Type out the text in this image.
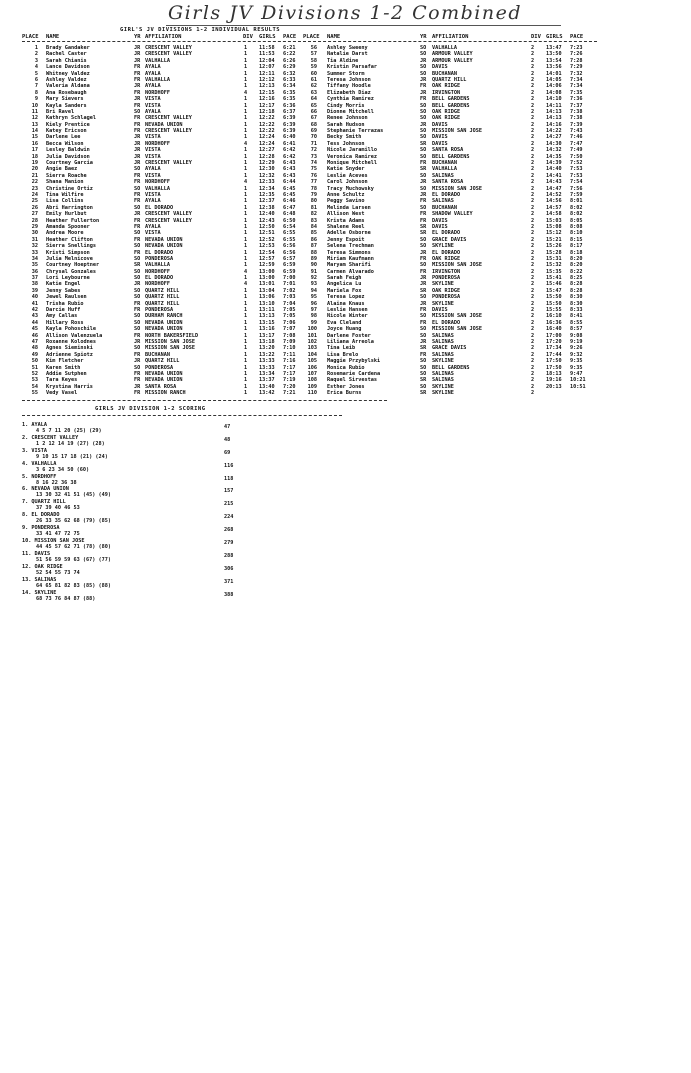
Girls JV Divisions 1-2 Combined
GIRL'S JV DIVISIONS 1-2 INDIVIDUAL RESULTS
PLACE NAME	YR AFFILIATION	DIV GIRLS PACE PLACE NAME	YR AFFILIATION	DIV GIRLS PACE
1 Brady Gandaker	JR CRESCENT VALLEY	1 11:58 6:21
2 Rachel Caster	JR CRESCENT VALLEY	1 11:53 6:22
3 Sarah Chianis	JR VALHALLA	1 12:04 6:26
4 Lance Davidson	FR AYALA	1 12:07 6:29
5 Whitney Valdez	FR AYALA	1 12:11 6:32
6 Ashley Valdez	FR VALHALLA	1 12:12 6:33
7 Valeria Aldana	JR AYALA	1 12:13 6:34
8 Ana Rosebaugh	FR NORDHOFF	4 12:15 6:35
9 Mary Sievers	JR VISTA	1 12:16 6:35
10 Kayla Sanders	FR VISTA	1 12:17 6:36
11 Bri Ravel	SO AYALA	1 12:18 6:37
12 Kathryn Schlagel	FR CRESCENT VALLEY	1 12:22 6:39
13 Kiely Prentice	FR NEVADA UNION	1 12:22 6:39
14 Katey Ericson	FR CRESCENT VALLEY	1 12:22 6:39
15 Darlene Lee	JR VISTA	1 12:24 6:40
16 Becca Wilson	JR NORDHOFF	4 12:24 6:41
17 Lesley Baldwin	JR VISTA	1 12:27 6:42
18 Julia Davidson	JR VISTA	1 12:28 6:42
19 Courtney Garcia	JR CRESCENT VALLEY	1 12:29 6:43
20 Angie Baez	SO AYALA	1 12:30 6:43
21 Sierra Roache	FR VISTA	1 12:32 6:43
22 Shana Manion	FR NORDHOFF	4 12:33 6:44
23 Christine Ortiz	SO VALHALLA	1 12:34 6:45
24 Tina Wilfire	FR VISTA	1 12:35 6:45
25 Lisa Collins	FR AYALA	1 12:37 6:46
26 Abri Harrington	SO EL DORADO	1 12:38 6:47
27 Emily Hurlbut	JR CRESCENT VALLEY	1 12:40 6:48
28 Heather Fullerton	FR CRESCENT VALLEY	1 12:43 6:50
29 Amanda Spooner	FR AYALA	1 12:50 6:54
30 Andrea Moore	SO VISTA	1 12:51 6:55
31 Heather Clifton	FR NEVADA UNION	1 12:52 6:55
32 Sierra Snellings	SO NEVADA UNION	1 12:53 6:56
33 Kristi Simpson	FR EL DORADO	1 12:54 6:56
34 Julia Melnicove	SO PONDEROSA	1 12:57 6:57
35 Courtney Hoeptner	SR VALHALLA	1 12:59 6:59
36 Chrysal Gonzales	SO NORDHOFF	4 13:00 6:59
37 Lori Leybourne	SO EL DORADO	1 13:00 7:00
38 Katie Engel	JR NORDHOFF	4 13:01 7:01
39 Jenny Sabes	SO QUARTZ HILL	1 13:04 7:02
40 Jewel Raulsen	SO QUARTZ HILL	1 13:06 7:03
41 Trisha Rubio	FR QUARTZ HILL	1 13:10 7:04
42 Darcie Huff	FR PONDEROSA	1 13:11 7:05
43 Amy Callas	SO DURHAM RANCH	1 13:13 7:05
44 Hillary Ross	SO NEVADA UNION	1 13:15 7:06
45 Kayla Pohoschile	SO NEVADA UNION	1 13:16 7:07
46 Allison Valenzuela	FR NORTH BAKERSFIELD	1 13:17 7:08
47 Roxanne Kolodnes	JR MISSION SAN JOSE	1 13:18 7:09
48 Agnes Sieminski	SO MISSION SAN JOSE	1 13:20 7:10
49 Adrienne Spiotz	FR BUCHANAN	1 13:22 7:11
50 Kim Fletcher	JR QUARTZ HILL	1 13:33 7:16
51 Karen Smith	SO PONDEROSA	1 13:33 7:17
52 Addie Sutphen	FR NEVADA UNION	1 13:34 7:17
53 Tara Keyes	FR NEVADA UNION	1 13:37 7:19
54 Krystina Harris	JR SANTA ROSA	1 13:40 7:20
55 Vedy Vasel	FR MISSION RANCH	1 13:42 7:21
56 Ashley Sweeny	SO VALHALLA	2 13:47 7:23
57 Natalie Darst	SO ARMOUR VALLEY	2 13:50 7:26
58 Tia Aldine	JR ARMOUR VALLEY	2 13:54 7:28
59 Kristin Parsafar	SO DAVIS	2 13:56 7:29
60 Summer Storm	SO BUCHANAN	2 14:01 7:32
61 Teresa Johnson	JR QUARTZ HILL	2 14:05 7:34
62 Tiffany Hoodle	FR OAK RIDGE	2 14:06 7:34
63 Elizabeth Diaz	JR IRVINGTON	2 14:08 7:35
64 Cynthia Ramirez	FR BELL GARDENS	2 14:10 7:36
65 Cindy Morris	SO BELL GARDENS	2 14:11 7:37
66 Dionne Mitchell	SO OAK RIDGE	2 14:13 7:38
67 Renee Johnson	SO OAK RIDGE	2 14:13 7:38
68 Sarah Hudson	JR DAVIS	2 14:16 7:39
69 Stephanie Terrazas	SO MISSION SAN JOSE	2 14:22 7:43
70 Becky Smith	SO DAVIS	2 14:27 7:46
71 Tess Johnson	SR DAVIS	2 14:30 7:47
72 Nicole Jaramillo	SO SANTA ROSA	2 14:32 7:49
73 Veronica Ramirez	SO BELL GARDENS	2 14:35 7:50
74 Monique Mitchell	FR BUCHANAN	2 14:39 7:52
75 Katie Snyder	SR VALHALLA	2 14:40 7:53
76 Leslie Aceves	SO SALINAS	2 14:41 7:53
77 Carol Johnson	JR SANTA ROSA	2 14:43 7:54
78 Tracy Muchowsky	SO MISSION SAN JOSE	2 14:47 7:56
79 Anne Schultz	JR EL DORADO	2 14:52 7:59
80 Peggy Savino	FR SALINAS	2 14:56 8:01
81 Melinda Larsen	SO BUCHANAN	2 14:57 8:02
82 Allison West	FR SHADOW VALLEY	2 14:58 8:02
83 Krista Adams	FR DAVIS	2 15:03 8:05
84 Shalene Reel	SR DAVIS	2 15:08 8:08
85 Adelle Osborne	SR EL DORADO	2 15:12 8:10
86 Jenny Espoit	SO GRACE DAVIS	2 15:21 8:15
87 Selena Trechman	SO SKYLINE	2 15:26 8:17
88 Teresa Simmons	JR EL DORADO	2 15:28 8:18
89 Miriam Kaufmann	FR OAK RIDGE	2 15:31 8:20
90 Maryam Sharifi	SO MISSION SAN JOSE	2 15:32 8:20
91 Carmen Alvarado	FR IRVINGTON	2 15:35 8:22
92 Sarah Feigh	JR PONDEROSA	2 15:41 8:25
93 Angelica Lu	JR SKYLINE	2 15:46 8:28
94 Mariela Fox	SR OAK RIDGE	2 15:47 8:28
95 Teresa Lopez	SO PONDEROSA	2 15:50 8:30
96 Alaina Knaus	JR SKYLINE	2 15:50 8:30
97 Leslie Hansen	FR DAVIS	2 15:55 8:33
98 Nicole Winter	SO MISSION SAN JOSE	2 16:10 8:41
99 Eva Cleland	FR EL DORADO	2 16:36 8:55
100 Joyce Huang	SO MISSION SAN JOSE	2 16:40 8:57
101 Darlene Foster	SO SALINAS	2 17:00 9:08
102 Liliana Arreola	JR SALINAS	2 17:20 9:19
103 Tina Leib	SR GRACE DAVIS	2 17:34 9:26
104 Lisa Brelo	FR SALINAS	2 17:44 9:32
105 Maggie Przybylski	SO SKYLINE	2 17:50 9:35
106 Monica Rubio	SO BELL GARDENS	2 17:50 9:35
107 Rosemarie Cardena	SO SALINAS	2 18:13 9:47
108 Raquel Sirvestas	SR SALINAS	2 19:16 10:21
109 Esther Jones	SO SKYLINE	2 20:13 10:51
110 Erica Burns	SR SKYLINE	2
GIRLS JV DIVISION 1-2 SCORING
1. AYALA
4 5 7 11 20 (25) (29)
47
2. CRESCENT VALLEY
1 2 12 14 19 (27) (28)
48
3. VISTA
9 10 15 17 18 (21) (24)
69
4. VALHALLA
3 6 23 34 50 (60)
116
5. NORDHOFF
8 16 22 36 38
118
6. NEVADA UNION
13 30 32 41 51 (45) (49)
157
7. QUARTZ HILL
37 39 40 46 53
215
8. EL DORADO
26 33 35 62 68 (79) (85)
224
9. PONDEROSA
33 41 47 72 75
268
10. MISSION SAN JOSE
44 45 57 62 71 (78) (80)
279
11. DAVIS
51 56 59 59 63 (67) (77)
288
12. OAK RIDGE
52 54 55 73 74
306
13. SALINAS
64 65 81 82 83 (85) (88)
371
14. SKYLINE
68 73 76 84 87 (88)
388
